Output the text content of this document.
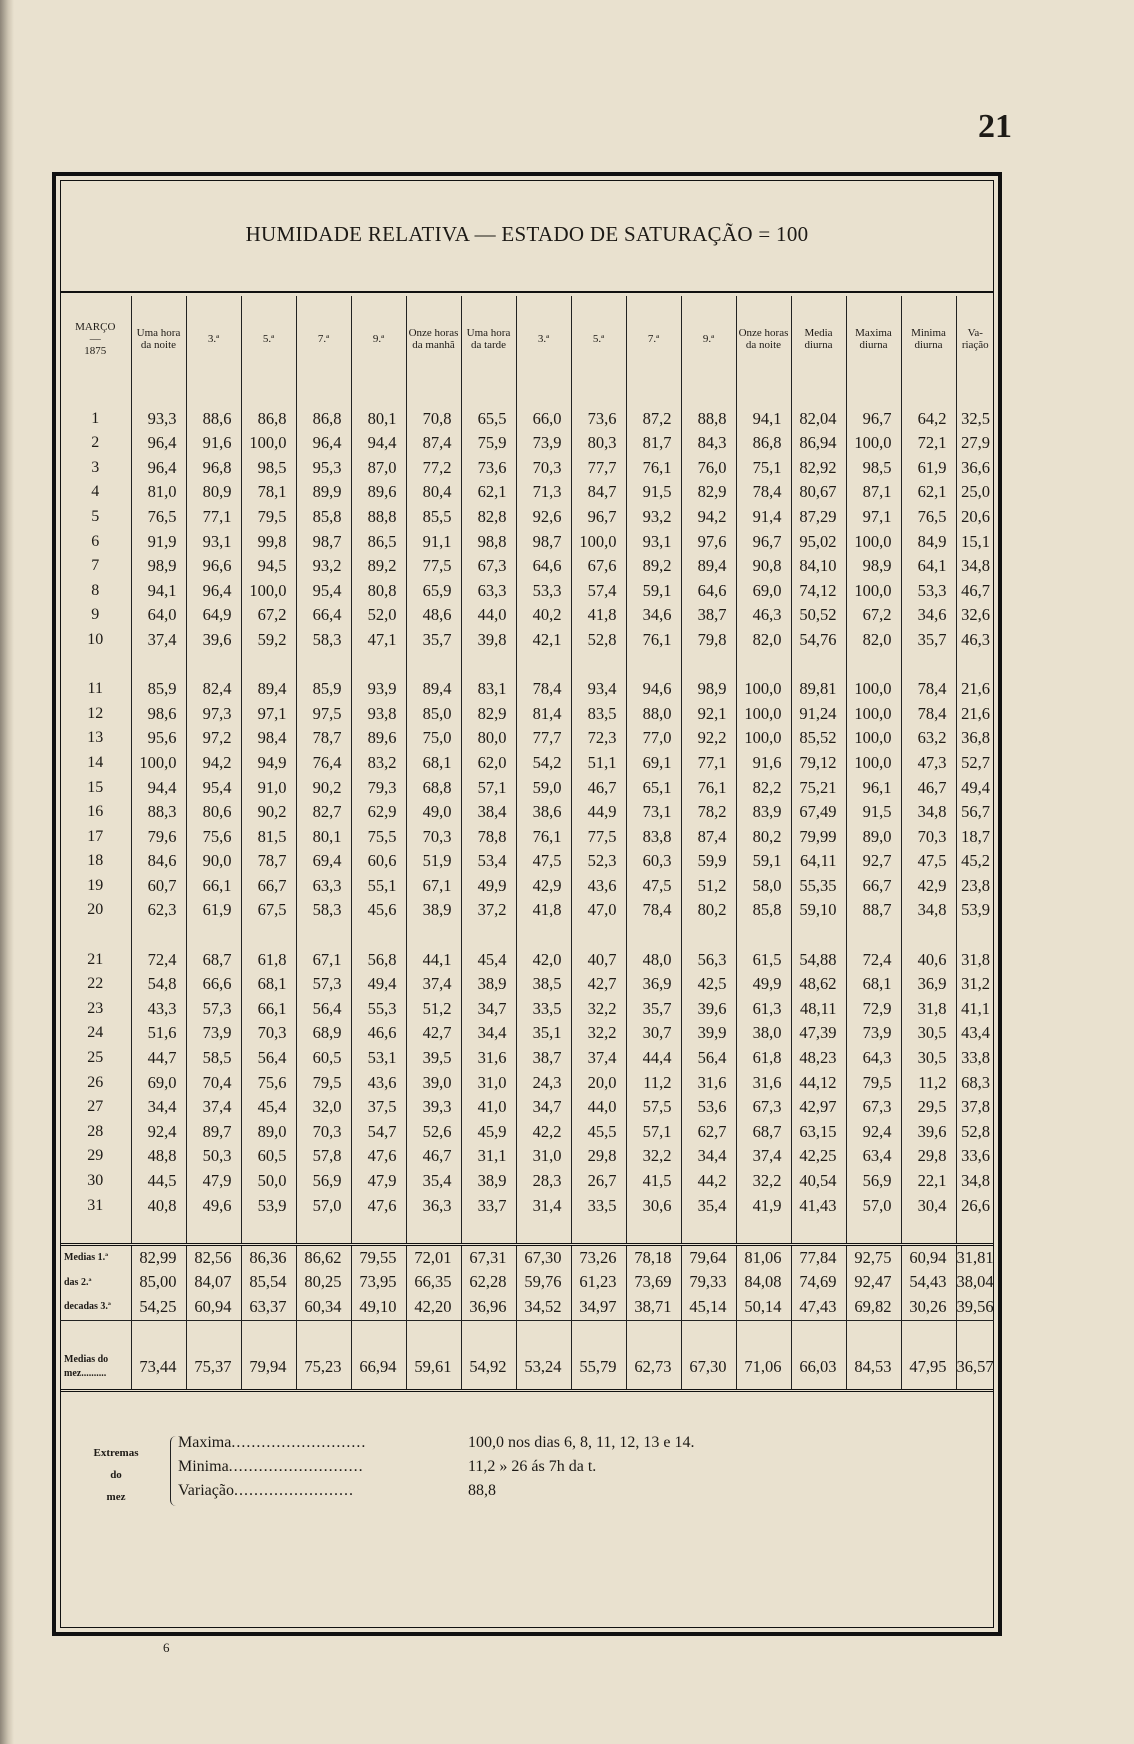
21
HUMIDADE RELATIVA — ESTADO DE SATURAÇÃO = 100
MARÇO
—
1875	Uma hora da noite	3.ª	5.ª	7.ª	9.ª	Onze horas da manhã	Uma hora da tarde	3.ª	5.ª	7.ª	9.ª	Onze horas da noite	Media diurna	Maxima diurna	Minima diurna	Va- riação

1	93,3	88,6	86,8	86,8	80,1	70,8	65,5	66,0	73,6	87,2	88,8	94,1	82,04	96,7	64,2	32,5
2	96,4	91,6	100,0	96,4	94,4	87,4	75,9	73,9	80,3	81,7	84,3	86,8	86,94	100,0	72,1	27,9
3	96,4	96,8	98,5	95,3	87,0	77,2	73,6	70,3	77,7	76,1	76,0	75,1	82,92	98,5	61,9	36,6
4	81,0	80,9	78,1	89,9	89,6	80,4	62,1	71,3	84,7	91,5	82,9	78,4	80,67	87,1	62,1	25,0
5	76,5	77,1	79,5	85,8	88,8	85,5	82,8	92,6	96,7	93,2	94,2	91,4	87,29	97,1	76,5	20,6
6	91,9	93,1	99,8	98,7	86,5	91,1	98,8	98,7	100,0	93,1	97,6	96,7	95,02	100,0	84,9	15,1
7	98,9	96,6	94,5	93,2	89,2	77,5	67,3	64,6	67,6	89,2	89,4	90,8	84,10	98,9	64,1	34,8
8	94,1	96,4	100,0	95,4	80,8	65,9	63,3	53,3	57,4	59,1	64,6	69,0	74,12	100,0	53,3	46,7
9	64,0	64,9	67,2	66,4	52,0	48,6	44,0	40,2	41,8	34,6	38,7	46,3	50,52	67,2	34,6	32,6
10	37,4	39,6	59,2	58,3	47,1	35,7	39,8	42,1	52,8	76,1	79,8	82,0	54,76	82,0	35,7	46,3

11	85,9	82,4	89,4	85,9	93,9	89,4	83,1	78,4	93,4	94,6	98,9	100,0	89,81	100,0	78,4	21,6
12	98,6	97,3	97,1	97,5	93,8	85,0	82,9	81,4	83,5	88,0	92,1	100,0	91,24	100,0	78,4	21,6
13	95,6	97,2	98,4	78,7	89,6	75,0	80,0	77,7	72,3	77,0	92,2	100,0	85,52	100,0	63,2	36,8
14	100,0	94,2	94,9	76,4	83,2	68,1	62,0	54,2	51,1	69,1	77,1	91,6	79,12	100,0	47,3	52,7
15	94,4	95,4	91,0	90,2	79,3	68,8	57,1	59,0	46,7	65,1	76,1	82,2	75,21	96,1	46,7	49,4
16	88,3	80,6	90,2	82,7	62,9	49,0	38,4	38,6	44,9	73,1	78,2	83,9	67,49	91,5	34,8	56,7
17	79,6	75,6	81,5	80,1	75,5	70,3	78,8	76,1	77,5	83,8	87,4	80,2	79,99	89,0	70,3	18,7
18	84,6	90,0	78,7	69,4	60,6	51,9	53,4	47,5	52,3	60,3	59,9	59,1	64,11	92,7	47,5	45,2
19	60,7	66,1	66,7	63,3	55,1	67,1	49,9	42,9	43,6	47,5	51,2	58,0	55,35	66,7	42,9	23,8
20	62,3	61,9	67,5	58,3	45,6	38,9	37,2	41,8	47,0	78,4	80,2	85,8	59,10	88,7	34,8	53,9

21	72,4	68,7	61,8	67,1	56,8	44,1	45,4	42,0	40,7	48,0	56,3	61,5	54,88	72,4	40,6	31,8
22	54,8	66,6	68,1	57,3	49,4	37,4	38,9	38,5	42,7	36,9	42,5	49,9	48,62	68,1	36,9	31,2
23	43,3	57,3	66,1	56,4	55,3	51,2	34,7	33,5	32,2	35,7	39,6	61,3	48,11	72,9	31,8	41,1
24	51,6	73,9	70,3	68,9	46,6	42,7	34,4	35,1	32,2	30,7	39,9	38,0	47,39	73,9	30,5	43,4
25	44,7	58,5	56,4	60,5	53,1	39,5	31,6	38,7	37,4	44,4	56,4	61,8	48,23	64,3	30,5	33,8
26	69,0	70,4	75,6	79,5	43,6	39,0	31,0	24,3	20,0	11,2	31,6	31,6	44,12	79,5	11,2	68,3
27	34,4	37,4	45,4	32,0	37,5	39,3	41,0	34,7	44,0	57,5	53,6	67,3	42,97	67,3	29,5	37,8
28	92,4	89,7	89,0	70,3	54,7	52,6	45,9	42,2	45,5	57,1	62,7	68,7	63,15	92,4	39,6	52,8
29	48,8	50,3	60,5	57,8	47,6	46,7	31,1	31,0	29,8	32,2	34,4	37,4	42,25	63,4	29,8	33,6
30	44,5	47,9	50,0	56,9	47,9	35,4	38,9	28,3	26,7	41,5	44,2	32,2	40,54	56,9	22,1	34,8
31	40,8	49,6	53,9	57,0	47,6	36,3	33,7	31,4	33,5	30,6	35,4	41,9	41,43	57,0	30,4	26,6

Medias 1.ª	82,99	82,56	86,36	86,62	79,55	72,01	67,31	67,30	73,26	78,18	79,64	81,06	77,84	92,75	60,94	31,81
das 2.ª	85,00	84,07	85,54	80,25	73,95	66,35	62,28	59,76	61,23	73,69	79,33	84,08	74,69	92,47	54,43	38,04
decadas 3.ª	54,25	60,94	63,37	60,34	49,10	42,20	36,96	34,52	34,97	38,71	45,14	50,14	47,43	69,82	30,26	39,56

Medias do
mez..........	73,44	75,37	79,94	75,23	66,94	59,61	54,92	53,24	55,79	62,73	67,30	71,06	66,03	84,53	47,95	36,57
Extremas
do
mez
Maxima...........................	100,0 nos dias 6, 8, 11, 12, 13 e 14.
Minima...........................	11,2 » 26 ás 7h da t.
Variação........................	88,8
6
